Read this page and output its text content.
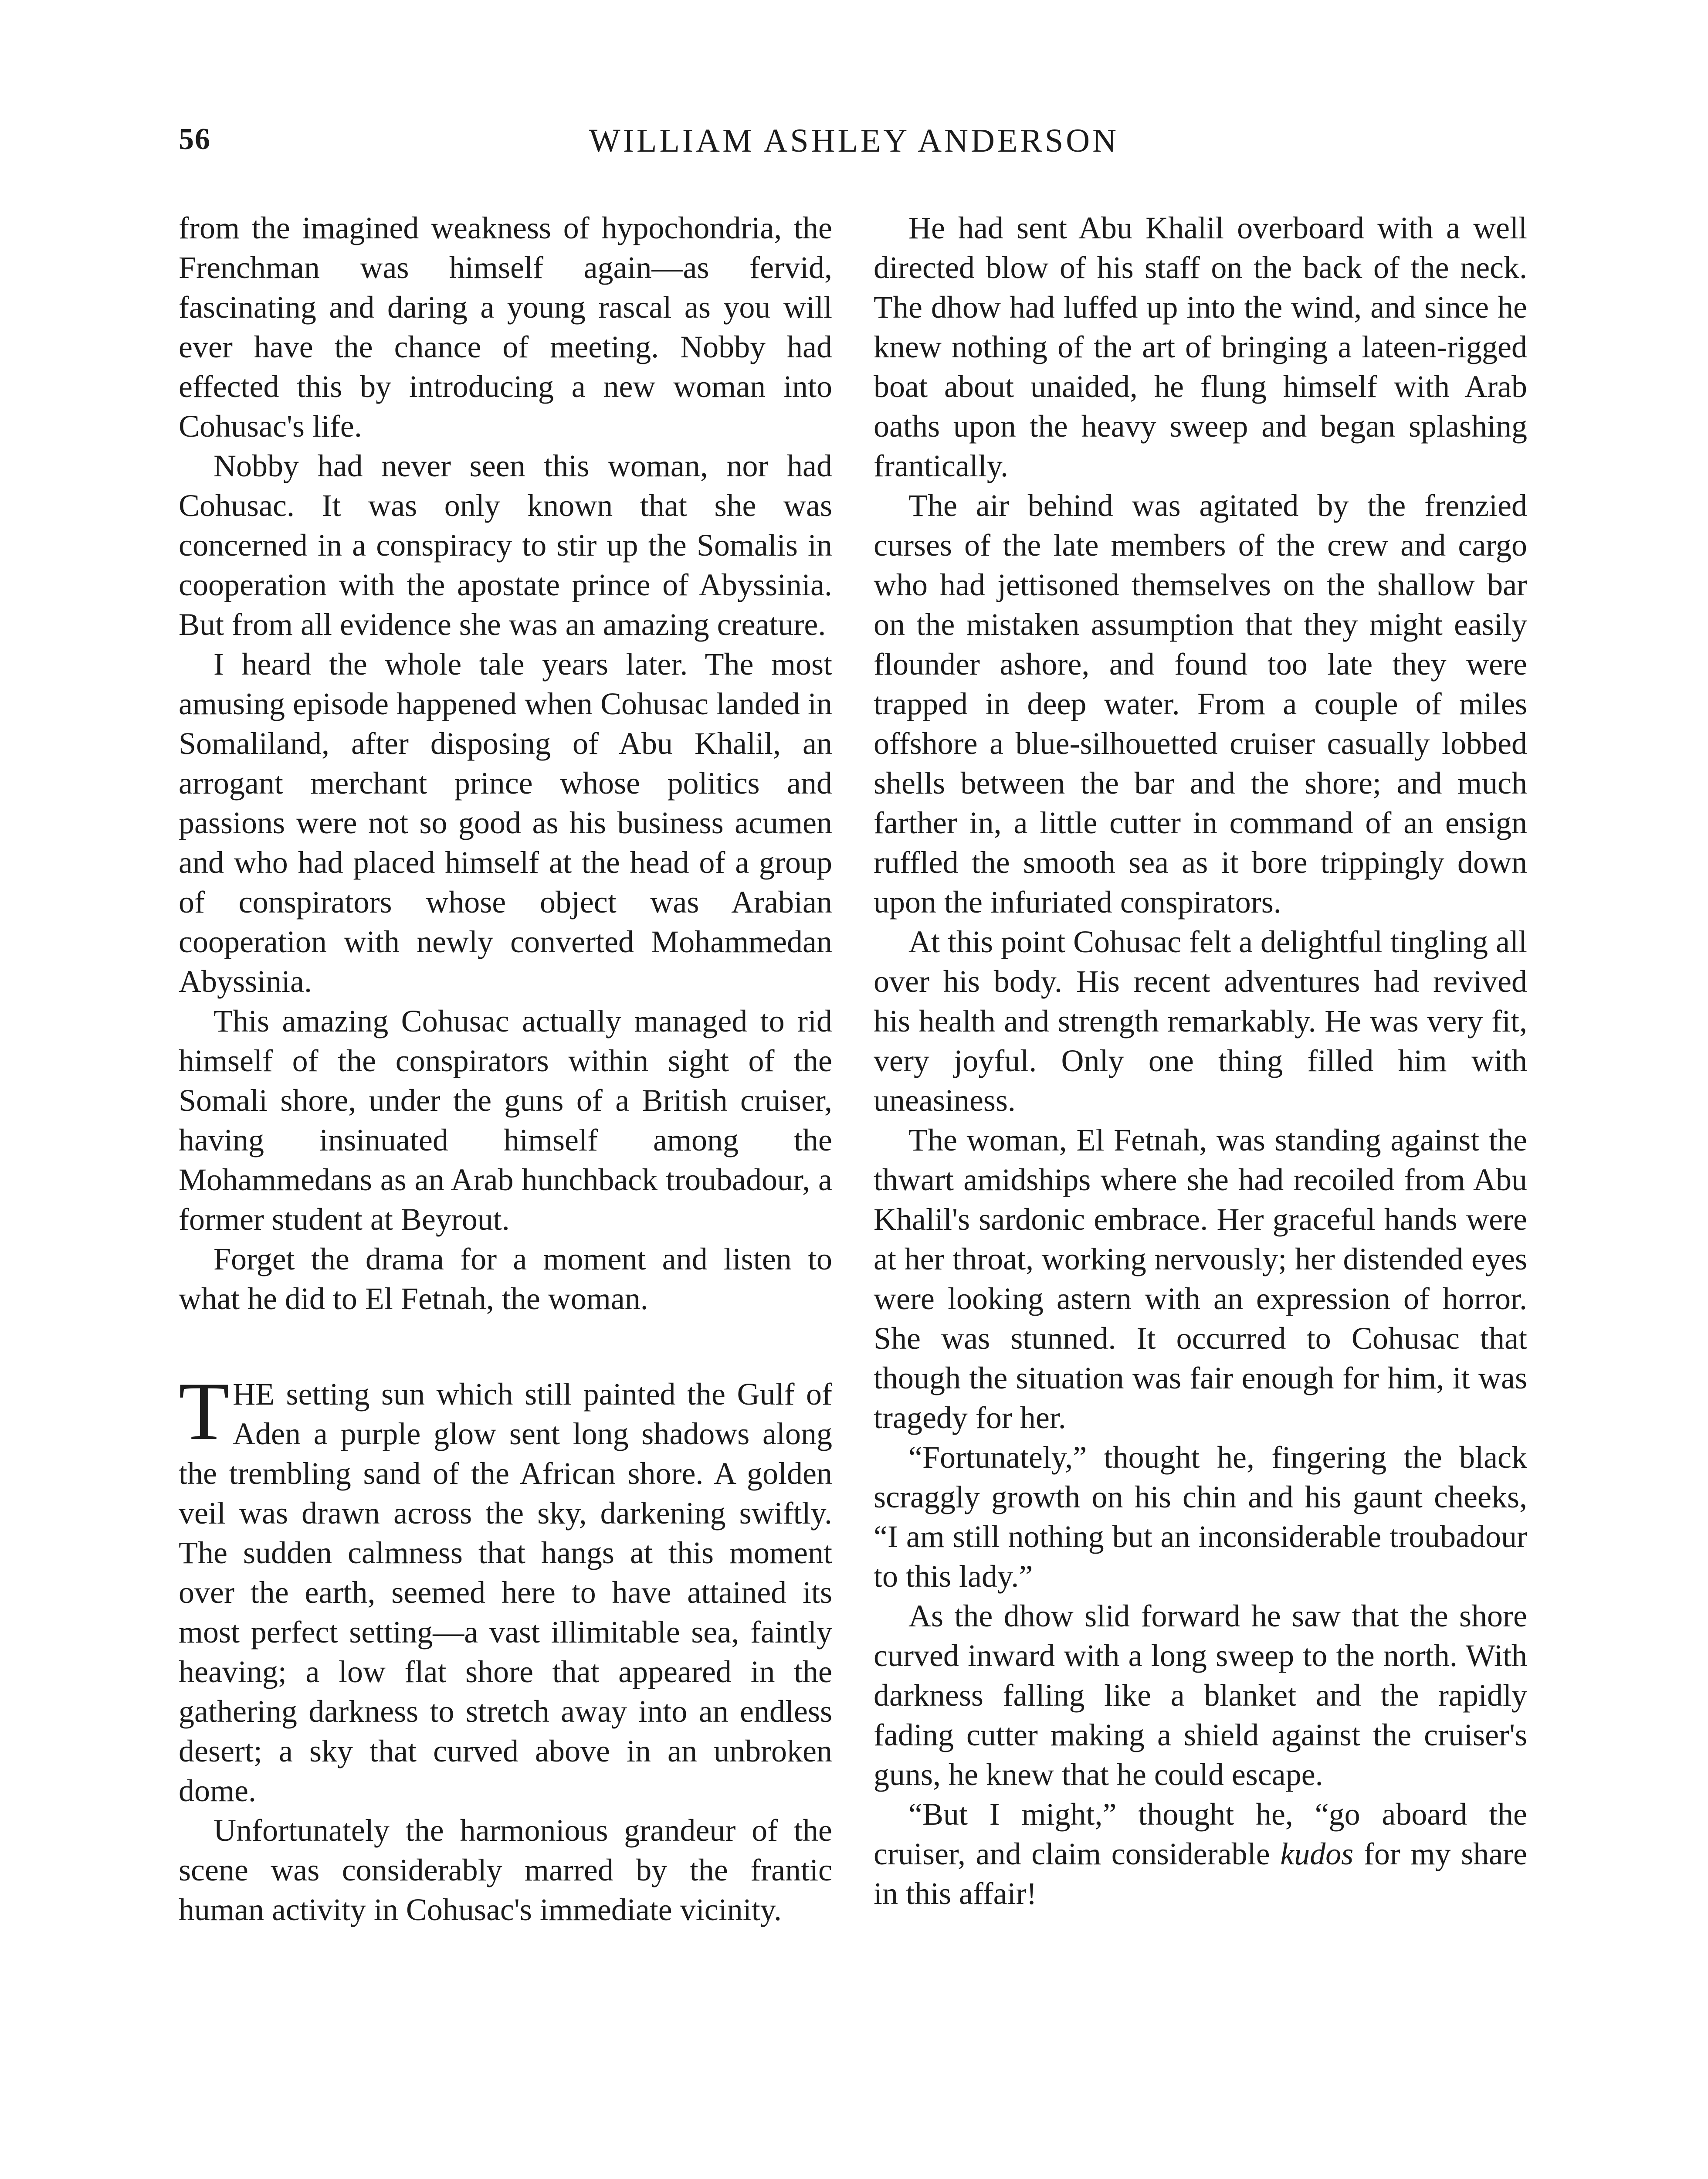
56	WILLIAM ASHLEY ANDERSON

from the imagined weakness of hypochondria, the Frenchman was himself again—as fervid, fascinating and daring a young rascal as you will ever have the chance of meeting. Nobby had effected this by introducing a new woman into Cohusac's life.

Nobby had never seen this woman, nor had Cohusac. It was only known that she was concerned in a conspiracy to stir up the Somalis in cooperation with the apostate prince of Abyssinia. But from all evidence she was an amazing creature.

I heard the whole tale years later. The most amusing episode happened when Cohusac landed in Somaliland, after disposing of Abu Khalil, an arrogant merchant prince whose politics and passions were not so good as his business acumen and who had placed himself at the head of a group of conspirators whose object was Arabian cooperation with newly converted Mohammedan Abyssinia.

This amazing Cohusac actually managed to rid himself of the conspirators within sight of the Somali shore, under the guns of a British cruiser, having insinuated himself among the Mohammedans as an Arab hunchback troubadour, a former student at Beyrout.

Forget the drama for a moment and listen to what he did to El Fetnah, the woman.

THE setting sun which still painted the Gulf of Aden a purple glow sent long shadows along the trembling sand of the African shore. A golden veil was drawn across the sky, darkening swiftly. The sudden calmness that hangs at this moment over the earth, seemed here to have attained its most perfect setting—a vast illimitable sea, faintly heaving; a low flat shore that appeared in the gathering darkness to stretch away into an endless desert; a sky that curved above in an unbroken dome.

Unfortunately the harmonious grandeur of the scene was considerably marred by the frantic human activity in Cohusac's immediate vicinity.

He had sent Abu Khalil overboard with a well directed blow of his staff on the back of the neck. The dhow had luffed up into the wind, and since he knew nothing of the art of bringing a lateen-rigged boat about unaided, he flung himself with Arab oaths upon the heavy sweep and began splashing frantically.

The air behind was agitated by the frenzied curses of the late members of the crew and cargo who had jettisoned themselves on the shallow bar on the mistaken assumption that they might easily flounder ashore, and found too late they were trapped in deep water. From a couple of miles offshore a blue-silhouetted cruiser casually lobbed shells between the bar and the shore; and much farther in, a little cutter in command of an ensign ruffled the smooth sea as it bore trippingly down upon the infuriated conspirators.

At this point Cohusac felt a delightful tingling all over his body. His recent adventures had revived his health and strength remarkably. He was very fit, very joyful. Only one thing filled him with uneasiness.

The woman, El Fetnah, was standing against the thwart amidships where she had recoiled from Abu Khalil's sardonic embrace. Her graceful hands were at her throat, working nervously; her distended eyes were looking astern with an expression of horror. She was stunned. It occurred to Cohusac that though the situation was fair enough for him, it was tragedy for her.

“Fortunately,” thought he, fingering the black scraggly growth on his chin and his gaunt cheeks, “I am still nothing but an inconsiderable troubadour to this lady.”

As the dhow slid forward he saw that the shore curved inward with a long sweep to the north. With darkness falling like a blanket and the rapidly fading cutter making a shield against the cruiser's guns, he knew that he could escape.

“But I might,” thought he, “go aboard the cruiser, and claim considerable kudos for my share in this affair!
